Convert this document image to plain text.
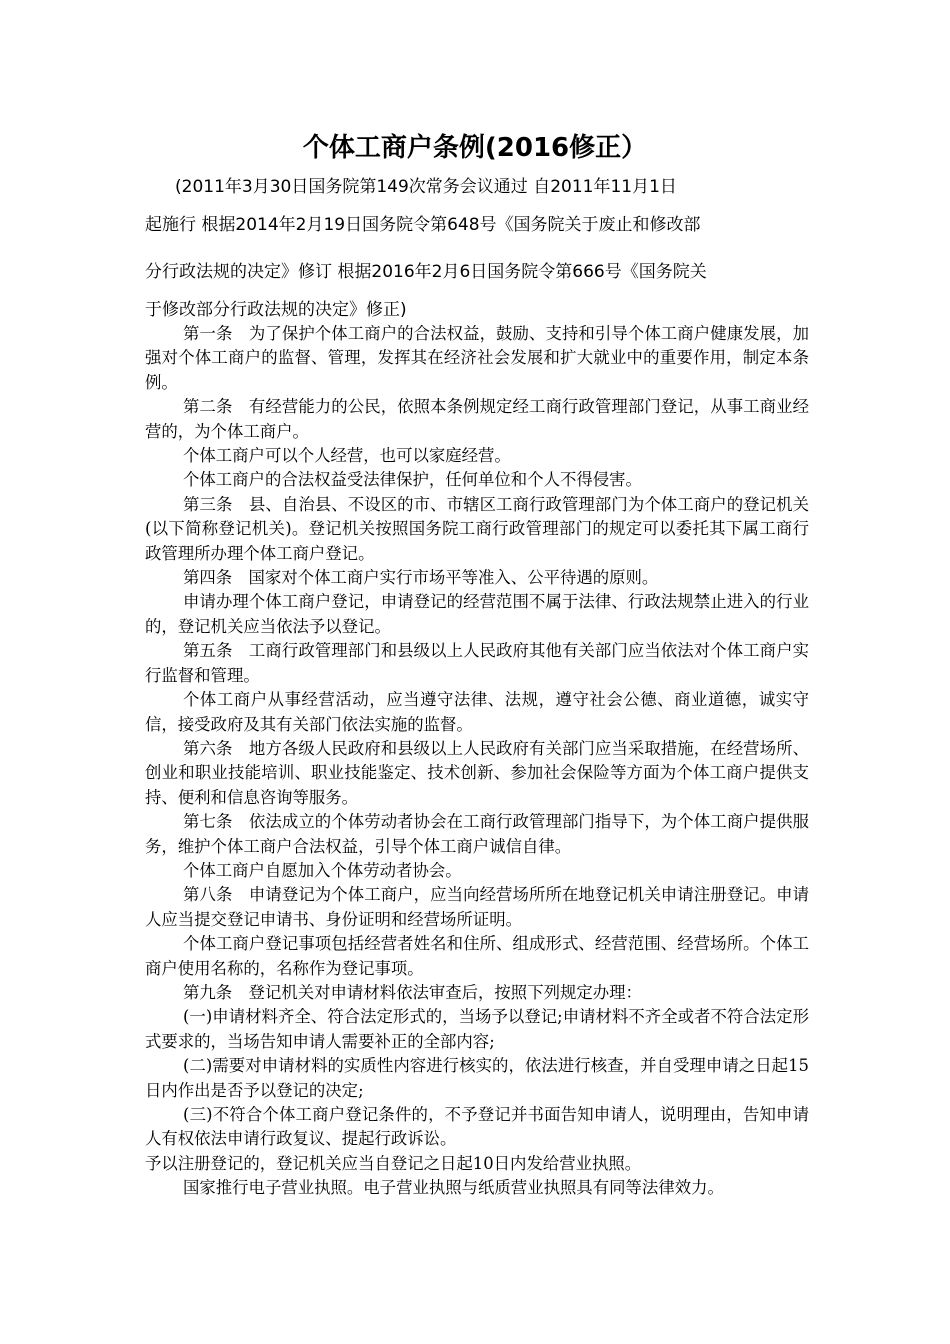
个体工商户条例(2016修正）
(2011年3月30日国务院第149次常务会议通过 自2011年11月1日
起施行 根据2014年2月19日国务院令第648号《国务院关于废止和修改部
分行政法规的决定》修订 根据2016年2月6日国务院令第666号《国务院关
于修改部分行政法规的决定》修正)

第一条　为了保护个体工商户的合法权益，鼓励、支持和引导个体工商户健康发展，加强对个体工商户的监督、管理，发挥其在经济社会发展和扩大就业中的重要作用，制定本条例。

第二条　有经营能力的公民，依照本条例规定经工商行政管理部门登记，从事工商业经营的，为个体工商户。

个体工商户可以个人经营，也可以家庭经营。

个体工商户的合法权益受法律保护，任何单位和个人不得侵害。

第三条　县、自治县、不设区的市、市辖区工商行政管理部门为个体工商户的登记机关(以下简称登记机关)。登记机关按照国务院工商行政管理部门的规定可以委托其下属工商行政管理所办理个体工商户登记。

第四条　国家对个体工商户实行市场平等准入、公平待遇的原则。

申请办理个体工商户登记，申请登记的经营范围不属于法律、行政法规禁止进入的行业的，登记机关应当依法予以登记。

第五条　工商行政管理部门和县级以上人民政府其他有关部门应当依法对个体工商户实行监督和管理。

个体工商户从事经营活动，应当遵守法律、法规，遵守社会公德、商业道德，诚实守信，接受政府及其有关部门依法实施的监督。

第六条　地方各级人民政府和县级以上人民政府有关部门应当采取措施，在经营场所、创业和职业技能培训、职业技能鉴定、技术创新、参加社会保险等方面为个体工商户提供支持、便利和信息咨询等服务。

第七条　依法成立的个体劳动者协会在工商行政管理部门指导下，为个体工商户提供服务，维护个体工商户合法权益，引导个体工商户诚信自律。

个体工商户自愿加入个体劳动者协会。

第八条　申请登记为个体工商户，应当向经营场所所在地登记机关申请注册登记。申请人应当提交登记申请书、身份证明和经营场所证明。

个体工商户登记事项包括经营者姓名和住所、组成形式、经营范围、经营场所。个体工商户使用名称的，名称作为登记事项。

第九条　登记机关对申请材料依法审查后，按照下列规定办理：

(一)申请材料齐全、符合法定形式的，当场予以登记;申请材料不齐全或者不符合法定形式要求的，当场告知申请人需要补正的全部内容;

(二)需要对申请材料的实质性内容进行核实的，依法进行核查，并自受理申请之日起15日内作出是否予以登记的决定;

(三)不符合个体工商户登记条件的，不予登记并书面告知申请人，说明理由，告知申请人有权依法申请行政复议、提起行政诉讼。

予以注册登记的，登记机关应当自登记之日起10日内发给营业执照。

国家推行电子营业执照。电子营业执照与纸质营业执照具有同等法律效力。
